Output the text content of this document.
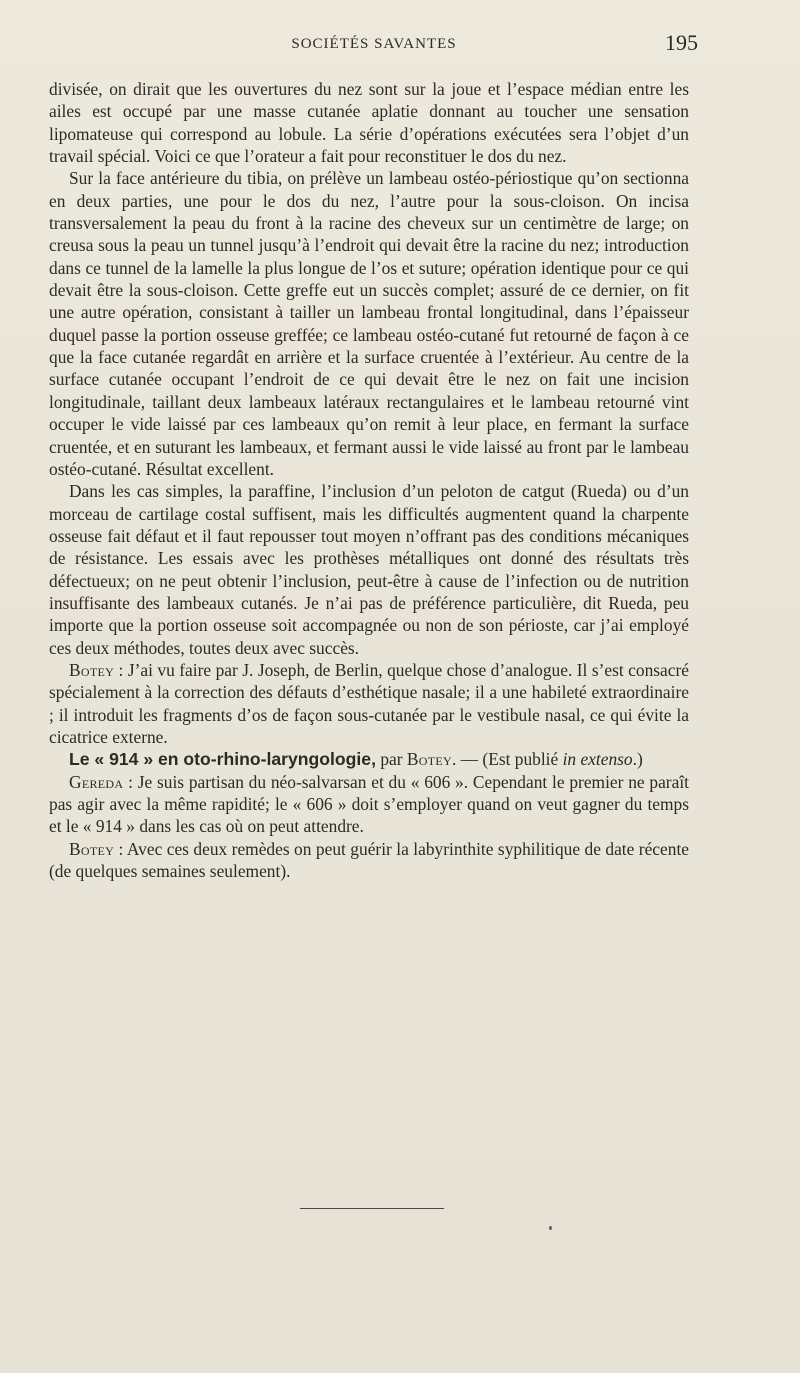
SOCIÉTÉS SAVANTES	195

divisée, on dirait que les ouvertures du nez sont sur la joue et l’espace médian entre les ailes est occupé par une masse cutanée aplatie donnant au toucher une sensation lipomateuse qui correspond au lobule. La série d’opérations exécutées sera l’objet d’un travail spécial. Voici ce que l’orateur a fait pour reconstituer le dos du nez.

Sur la face antérieure du tibia, on prélève un lambeau ostéo-périostique qu’on sectionna en deux parties, une pour le dos du nez, l’autre pour la sous-cloison. On incisa transversalement la peau du front à la racine des cheveux sur un centimètre de large; on creusa sous la peau un tunnel jusqu’à l’endroit qui devait être la racine du nez; introduction dans ce tunnel de la lamelle la plus longue de l’os et suture; opération identique pour ce qui devait être la sous-cloison. Cette greffe eut un succès complet; assuré de ce dernier, on fit une autre opération, consistant à tailler un lambeau frontal longitudinal, dans l’épaisseur duquel passe la portion osseuse greffée; ce lambeau ostéo-cutané fut retourné de façon à ce que la face cutanée regardât en arrière et la surface cruentée à l’extérieur. Au centre de la surface cutanée occupant l’endroit de ce qui devait être le nez on fait une incision longitudinale, taillant deux lambeaux latéraux rectangulaires et le lambeau retourné vint occuper le vide laissé par ces lambeaux qu’on remit à leur place, en fermant la surface cruentée, et en suturant les lambeaux, et fermant aussi le vide laissé au front par le lambeau ostéo-cutané. Résultat excellent.

Dans les cas simples, la paraffine, l’inclusion d’un peloton de catgut (Rueda) ou d’un morceau de cartilage costal suffisent, mais les difficultés augmentent quand la charpente osseuse fait défaut et il faut repousser tout moyen n’offrant pas des conditions mécaniques de résistance. Les essais avec les prothèses métalliques ont donné des résultats très défectueux; on ne peut obtenir l’inclusion, peut-être à cause de l’infection ou de nutrition insuffisante des lambeaux cutanés. Je n’ai pas de préférence particulière, dit Rueda, peu importe que la portion osseuse soit accompagnée ou non de son périoste, car j’ai employé ces deux méthodes, toutes deux avec succès.

Botey : J’ai vu faire par J. Joseph, de Berlin, quelque chose d’analogue. Il s’est consacré spécialement à la correction des défauts d’esthétique nasale; il a une habileté extraordinaire ; il introduit les fragments d’os de façon sous-cutanée par le vestibule nasal, ce qui évite la cicatrice externe.

Le « 914 » en oto-rhino-laryngologie, par Botey. — (Est publié in extenso.)

Gereda : Je suis partisan du néo-salvarsan et du « 606 ». Cependant le premier ne paraît pas agir avec la même rapidité; le « 606 » doit s’employer quand on veut gagner du temps et le « 914 » dans les cas où on peut attendre.

Botey : Avec ces deux remèdes on peut guérir la labyrinthite syphilitique de date récente (de quelques semaines seulement).
